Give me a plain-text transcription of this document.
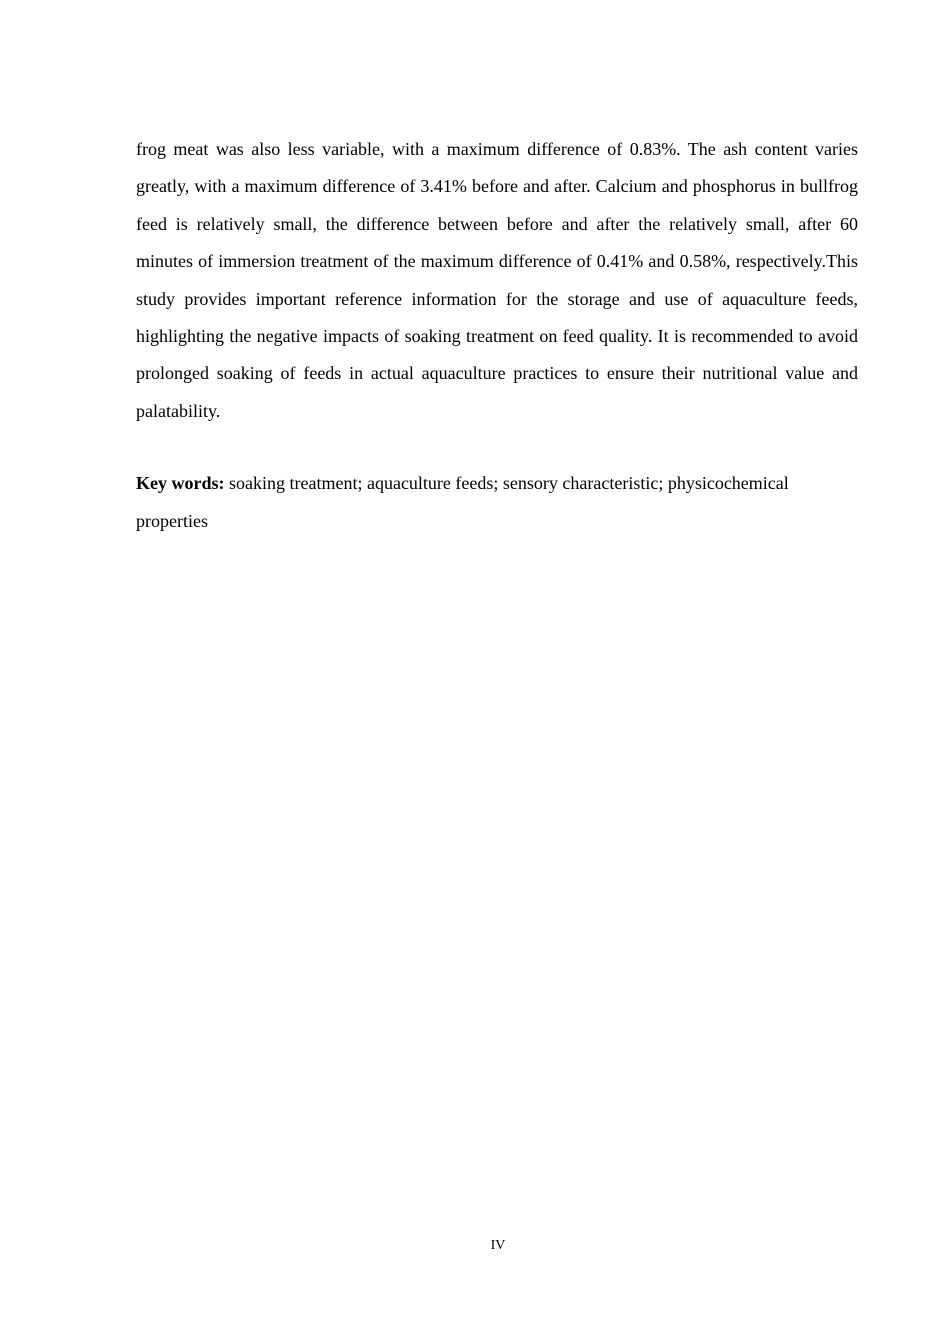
frog meat was also less variable, with a maximum difference of 0.83%. The ash content varies greatly, with a maximum difference of 3.41% before and after. Calcium and phosphorus in bullfrog feed is relatively small, the difference between before and after the relatively small, after 60 minutes of immersion treatment of the maximum difference of 0.41% and 0.58%, respectively.This study provides important reference information for the storage and use of aquaculture feeds, highlighting the negative impacts of soaking treatment on feed quality. It is recommended to avoid prolonged soaking of feeds in actual aquaculture practices to ensure their nutritional value and palatability.

Key words: soaking treatment; aquaculture feeds; sensory characteristic; physicochemical properties

IV
